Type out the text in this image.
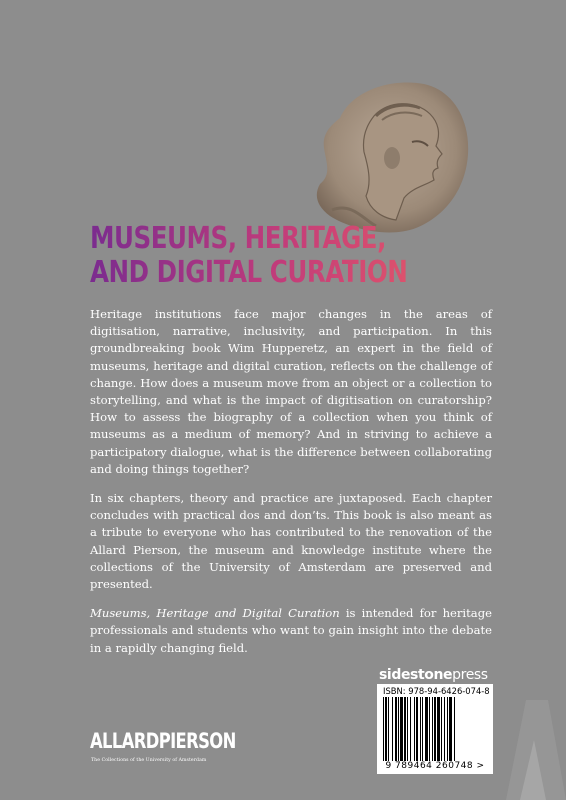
MUSEUMS, HERITAGE,
AND DIGITAL CURATION

Heritage institutions face major changes in the areas of digitisation, narrative, inclusivity, and participation. In this groundbreaking book Wim Hupperetz, an expert in the field of museums, heritage and digital curation, reflects on the challenge of change. How does a museum move from an object or a collection to storytelling, and what is the impact of digitisation on curatorship? How to assess the biography of a collection when you think of museums as a medium of memory? And in striving to achieve a participatory dialogue, what is the difference between collaborating and doing things together?

In six chapters, theory and practice are juxtaposed. Each chapter concludes with practical dos and don’ts. This book is also meant as a tribute to everyone who has contributed to the renovation of the Allard Pierson, the museum and knowledge institute where the collections of the University of Amsterdam are preserved and presented.

Museums, Heritage and Digital Curation is intended for heritage professionals and students who want to gain insight into the debate in a rapidly changing field.

sidestonepress
ISBN: 978-94-6426-074-8
9 789464 260748 >
ALLARDPIERSON
The Collections of the University of Amsterdam
